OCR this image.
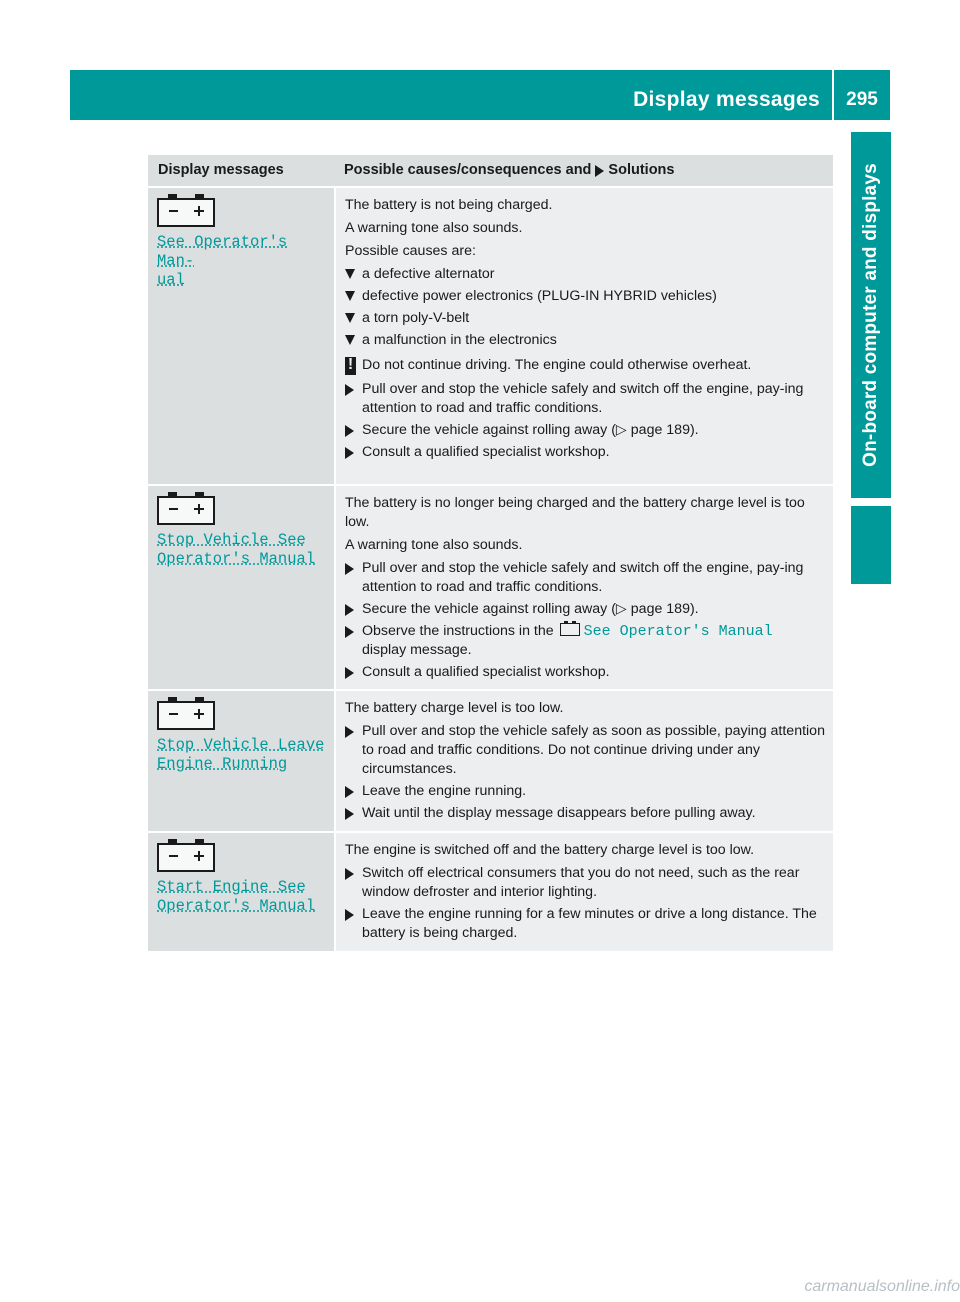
Display messages	295
On-board computer and displays
Display messages	Possible causes/consequences and Solutions
See Operator's Man‐
ual

The battery is not being charged.

A warning tone also sounds.

Possible causes are:

a defective alternator
defective power electronics (PLUG-IN HYBRID vehicles)
a torn poly-V-belt
a malfunction in the electronics
! Do not continue driving. The engine could otherwise overheat.
Pull over and stop the vehicle safely and switch off the engine, pay-ing attention to road and traffic conditions.
Secure the vehicle against rolling away (▷ page 189).
Consult a qualified specialist workshop.
Stop Vehicle See
Operator's Manual

The battery is no longer being charged and the battery charge level is too low.

A warning tone also sounds.

Pull over and stop the vehicle safely and switch off the engine, pay-ing attention to road and traffic conditions.
Secure the vehicle against rolling away (▷ page 189).
Observe the instructions in the See Operator's Manual
display message.
Consult a qualified specialist workshop.
Stop Vehicle Leave
Engine Running

The battery charge level is too low.

Pull over and stop the vehicle safely as soon as possible, paying attention to road and traffic conditions. Do not continue driving under any circumstances.
Leave the engine running.
Wait until the display message disappears before pulling away.
Start Engine See
Operator's Manual

The engine is switched off and the battery charge level is too low.

Switch off electrical consumers that you do not need, such as the rear window defroster and interior lighting.
Leave the engine running for a few minutes or drive a long distance. The battery is being charged.
carmanualsonline.info
